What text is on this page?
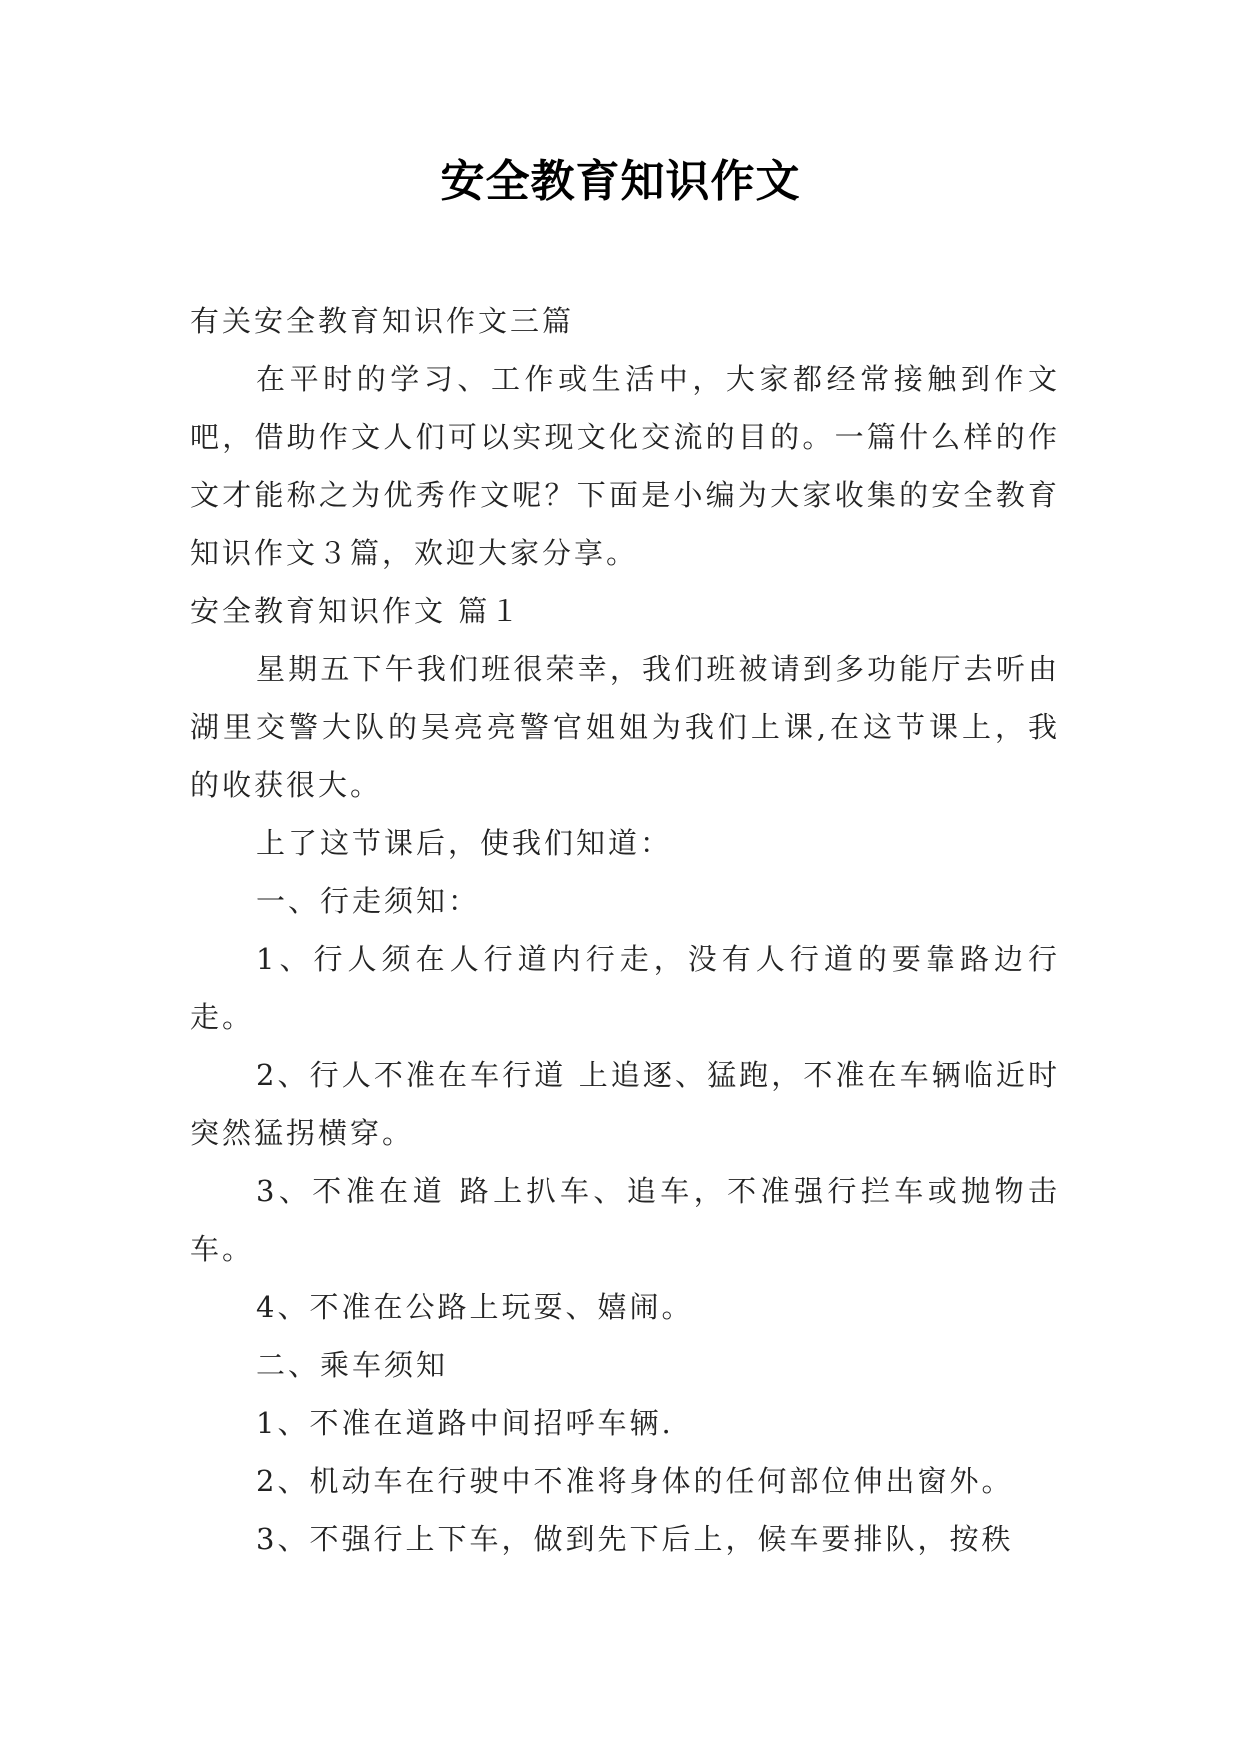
安全教育知识作文

有关安全教育知识作文三篇

在平时的学习、工作或生活中，大家都经常接触到作文吧，借助作文人们可以实现文化交流的目的。一篇什么样的作文才能称之为优秀作文呢？下面是小编为大家收集的安全教育知识作文３篇，欢迎大家分享。

安全教育知识作文 篇１

星期五下午我们班很荣幸，我们班被请到多功能厅去听由湖里交警大队的吴亮亮警官姐姐为我们上课,在这节课上，我的收获很大。

上了这节课后，使我们知道：

一、行走须知：

1、行人须在人行道内行走，没有人行道的要靠路边行走。

2、行人不准在车行道 上追逐、猛跑，不准在车辆临近时突然猛拐横穿。

3、不准在道 路上扒车、追车，不准强行拦车或抛物击车。

4、不准在公路上玩耍、嬉闹。

二、乘车须知

1、不准在道路中间招呼车辆.

2、机动车在行驶中不准将身体的任何部位伸出窗外。

3、不强行上下车，做到先下后上，候车要排队，按秩
